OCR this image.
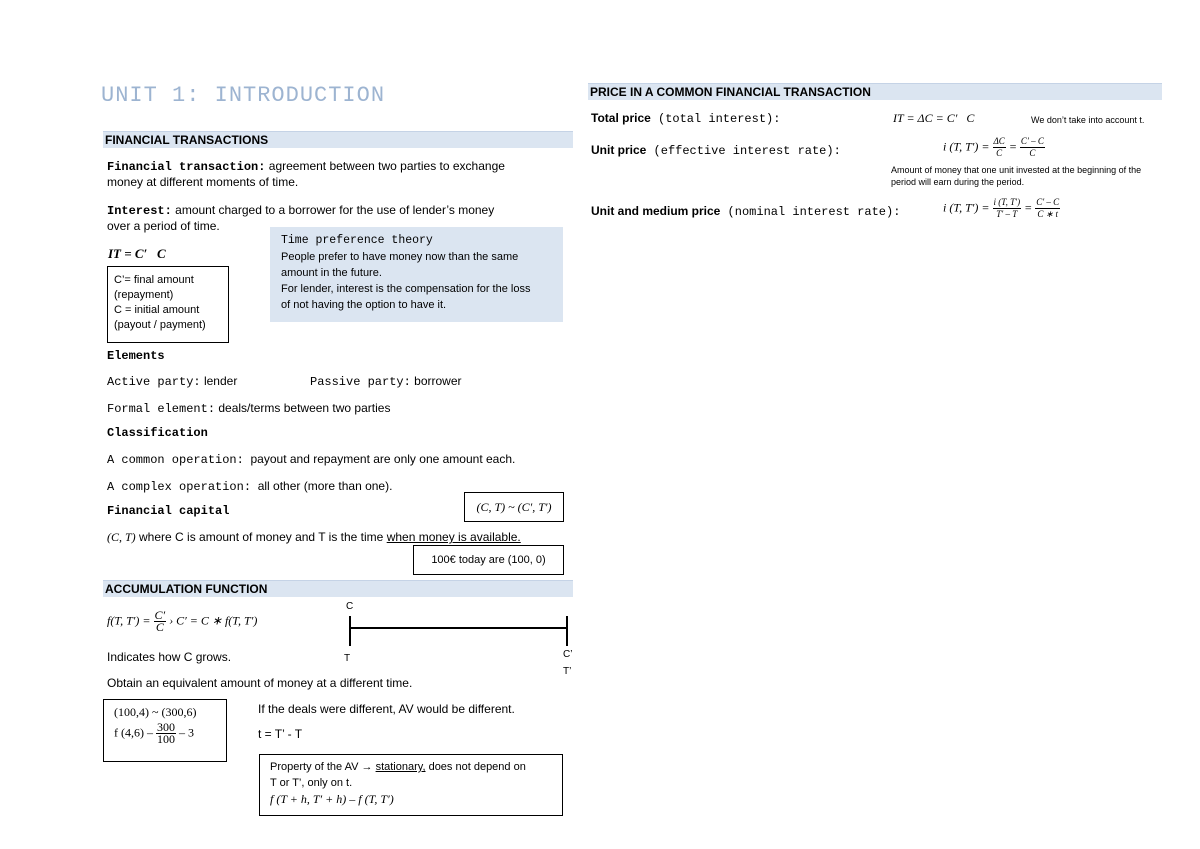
UNIT 1: INTRODUCTION
FINANCIAL TRANSACTIONS
Financial transaction: agreement between two parties to exchange
money at different moments of time.
Interest: amount charged to a borrower for the use of lender’s money
over a period of time.
IT = C′   C
C’= final amount
(repayment)
C = initial amount
(payout / payment)
Time preference theory
People prefer to have money now than the same
amount in the future.
For lender, interest is the compensation for the loss
of not having the option to have it.
Elements
Active party: lender	Passive party: borrower
Formal element: deals/terms between two parties
Classification
A common operation:  payout and repayment are only one amount each.
A complex operation:  all other (more than one).
(C, T) ~ (C′, T′)
Financial capital
(C, T) where C is amount of money and T is the time when money is available.
100€ today are (100, 0)
ACCUMULATION FUNCTION
f(T, $T') = \frac{C'}{C}$ › C′ = C ∗ f(T, T′)
C
T	C’
T’
Indicates how C grows.
Obtain an equivalent amount of money at a different time.
(100,4) ~ (300,6)
f $(4,6) - \frac{300}{100} - 3$
If the deals were different, AV would be different.
t = T’ - T
Property of the AV → stationary, does not depend on
T or T’, only on t.
f (T + h, T′ + h) – f (T, T′)
PRICE IN A COMMON FINANCIAL TRANSACTION
Total price (total interest):	IT = ΔC = C′   C	We don’t take into account t.
Unit price (effective interest rate):	i (T, $T') = \frac{\Delta C}{C} = \frac{C' - C}{C}$
Amount of money that one unit invested at the beginning of the
period will earn during the period.
Unit and medium price (nominal interest rate):	i (T, $T') = \frac{i (T, T')}{T' - T} = \frac{C' - C}{C ∗ t}$
